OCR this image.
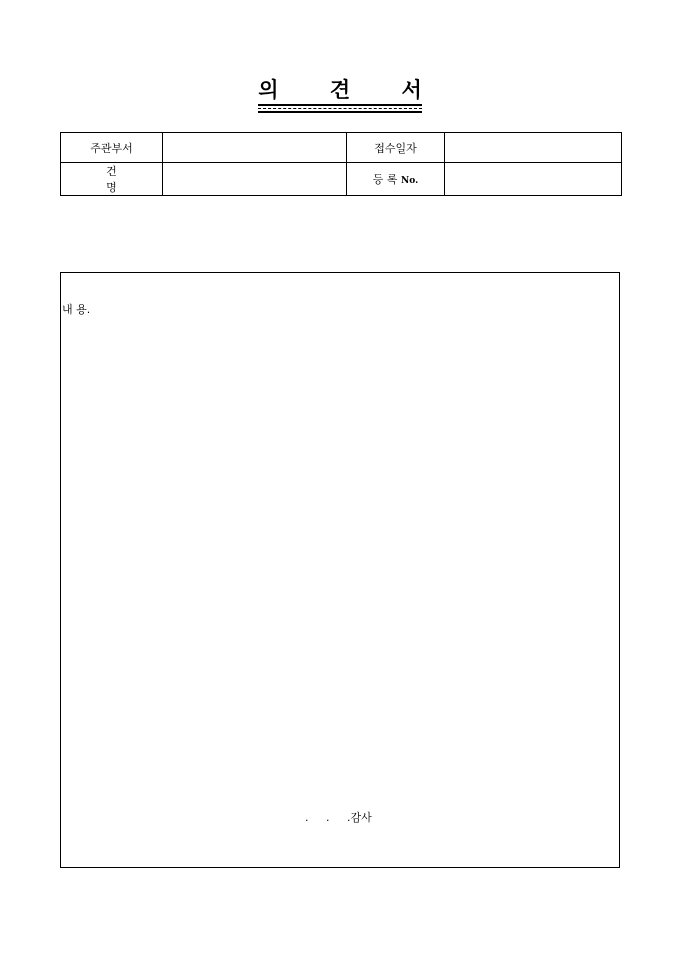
의 견 서
주관부서		접수일자	
건 명		등 록 No.	
내 용.
.     .     .감사
